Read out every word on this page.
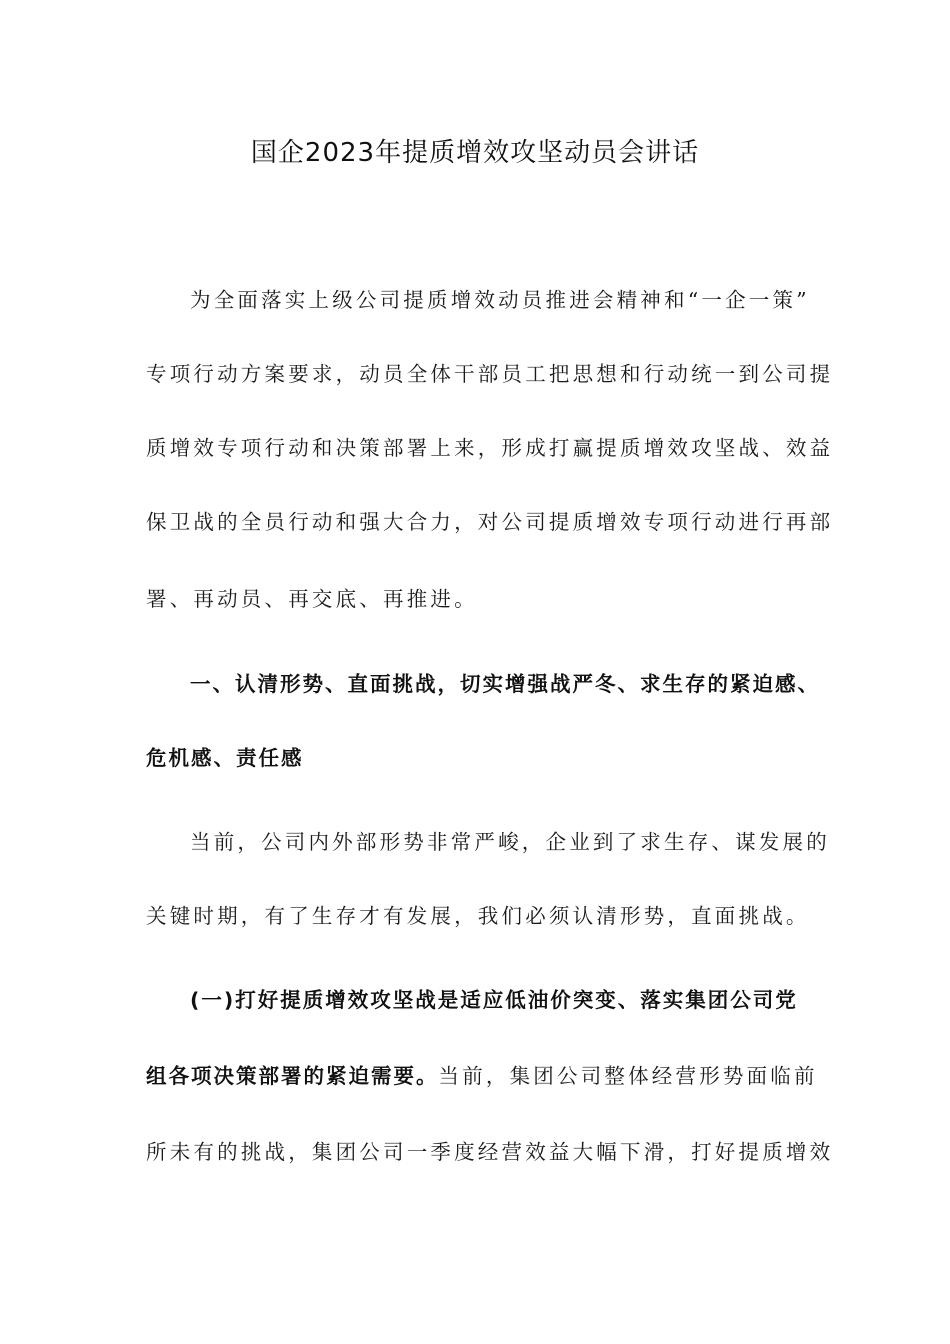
国企2023年提质增效攻坚动员会讲话
为全面落实上级公司提质增效动员推进会精神和“一企一策”
专项行动方案要求，动员全体干部员工把思想和行动统一到公司提
质增效专项行动和决策部署上来，形成打赢提质增效攻坚战、效益
保卫战的全员行动和强大合力，对公司提质增效专项行动进行再部
署、再动员、再交底、再推进。
一、认清形势、直面挑战，切实增强战严冬、求生存的紧迫感、
危机感、责任感
当前，公司内外部形势非常严峻，企业到了求生存、谋发展的
关键时期，有了生存才有发展，我们必须认清形势，直面挑战。
(一)打好提质增效攻坚战是适应低油价突变、落实集团公司党
组各项决策部署的紧迫需要。当前，集团公司整体经营形势面临前
所未有的挑战，集团公司一季度经营效益大幅下滑，打好提质增效
